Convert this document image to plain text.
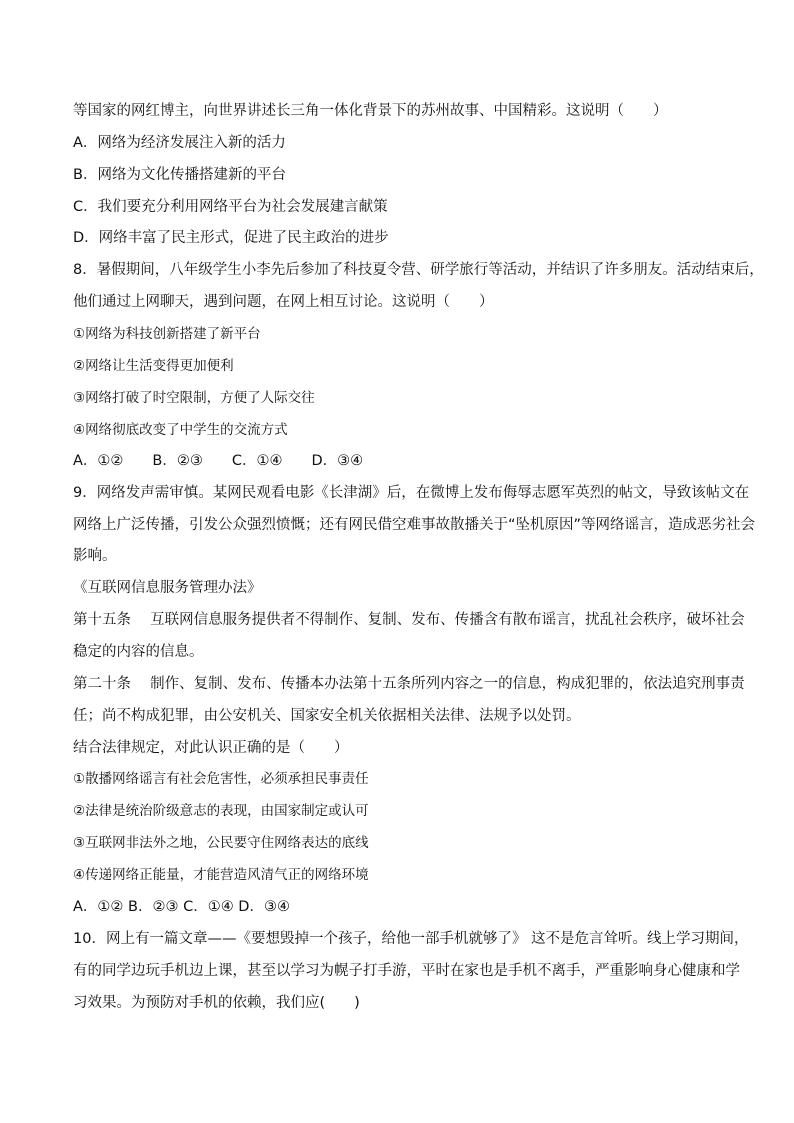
等国家的网红博主，向世界讲述长三角一体化背景下的苏州故事、中国精彩。这说明（　　）
A．网络为经济发展注入新的活力
B．网络为文化传播搭建新的平台
C．我们要充分利用网络平台为社会发展建言献策
D．网络丰富了民主形式，促进了民主政治的进步
8．暑假期间，八年级学生小李先后参加了科技夏令营、研学旅行等活动，并结识了许多朋友。活动结束后，
他们通过上网聊天，遇到问题，在网上相互讨论。这说明（　　）
①网络为科技创新搭建了新平台
②网络让生活变得更加便利
③网络打破了时空限制，方便了人际交往
④网络彻底改变了中学生的交流方式
A．①②　　B．②③　　C．①④　　D．③④
9．网络发声需审慎。某网民观看电影《长津湖》后，在微博上发布侮辱志愿军英烈的帖文，导致该帖文在
网络上广泛传播，引发公众强烈愤慨；还有网民借空难事故散播关于“坠机原因”等网络谣言，造成恶劣社会
影响。
《互联网信息服务管理办法》
第十五条　 互联网信息服务提供者不得制作、复制、发布、传播含有散布谣言，扰乱社会秩序，破坏社会
稳定的内容的信息。
第二十条　 制作、复制、发布、传播本办法第十五条所列内容之一的信息，构成犯罪的，依法追究刑事责
任；尚不构成犯罪，由公安机关、国家安全机关依据相关法律、法规予以处罚。
结合法律规定，对此认识正确的是（　　）
①散播网络谣言有社会危害性，必须承担民事责任
②法律是统治阶级意志的表现，由国家制定或认可
③互联网非法外之地，公民要守住网络表达的底线
④传递网络正能量，才能营造风清气正的网络环境
A．①② B．②③ C．①④ D．③④
10．网上有一篇文章——《要想毁掉一个孩子，给他一部手机就够了》 这不是危言耸听。线上学习期间，
有的同学边玩手机边上课，甚至以学习为幌子打手游，平时在家也是手机不离手，严重影响身心健康和学
习效果。为预防对手机的依赖，我们应(　　)
